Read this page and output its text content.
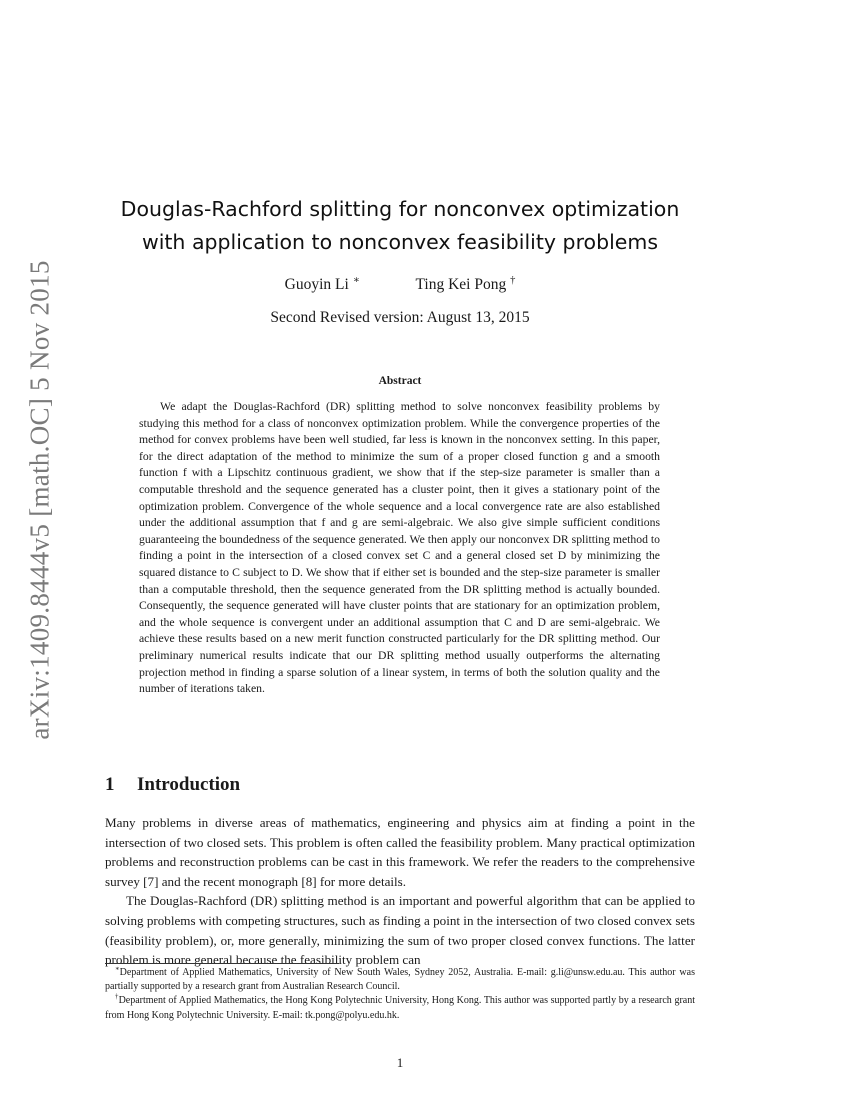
arXiv:1409.8444v5 [math.OC] 5 Nov 2015
Douglas-Rachford splitting for nonconvex optimization with application to nonconvex feasibility problems
Guoyin Li ∗	Ting Kei Pong †
Second Revised version: August 13, 2015
Abstract

We adapt the Douglas-Rachford (DR) splitting method to solve nonconvex feasibility problems by studying this method for a class of nonconvex optimization problem. While the convergence properties of the method for convex problems have been well studied, far less is known in the nonconvex setting. In this paper, for the direct adaptation of the method to minimize the sum of a proper closed function g and a smooth function f with a Lipschitz continuous gradient, we show that if the step-size parameter is smaller than a computable threshold and the sequence generated has a cluster point, then it gives a stationary point of the optimization problem. Convergence of the whole sequence and a local convergence rate are also established under the additional assumption that f and g are semi-algebraic. We also give simple sufficient conditions guaranteeing the boundedness of the sequence generated. We then apply our nonconvex DR splitting method to finding a point in the intersection of a closed convex set C and a general closed set D by minimizing the squared distance to C subject to D. We show that if either set is bounded and the step-size parameter is smaller than a computable threshold, then the sequence generated from the DR splitting method is actually bounded. Consequently, the sequence generated will have cluster points that are stationary for an optimization problem, and the whole sequence is convergent under an additional assumption that C and D are semi-algebraic. We achieve these results based on a new merit function constructed particularly for the DR splitting method. Our preliminary numerical results indicate that our DR splitting method usually outperforms the alternating projection method in finding a sparse solution of a linear system, in terms of both the solution quality and the number of iterations taken.

1 Introduction

Many problems in diverse areas of mathematics, engineering and physics aim at finding a point in the intersection of two closed sets. This problem is often called the feasibility problem. Many practical optimization problems and reconstruction problems can be cast in this framework. We refer the readers to the comprehensive survey [7] and the recent monograph [8] for more details.

The Douglas-Rachford (DR) splitting method is an important and powerful algorithm that can be applied to solving problems with competing structures, such as finding a point in the intersection of two closed convex sets (feasibility problem), or, more generally, minimizing the sum of two proper closed convex functions. The latter problem is more general because the feasibility problem can

∗Department of Applied Mathematics, University of New South Wales, Sydney 2052, Australia. E-mail: g.li@unsw.edu.au. This author was partially supported by a research grant from Australian Research Council.

†Department of Applied Mathematics, the Hong Kong Polytechnic University, Hong Kong. This author was supported partly by a research grant from Hong Kong Polytechnic University. E-mail: tk.pong@polyu.edu.hk.

1
